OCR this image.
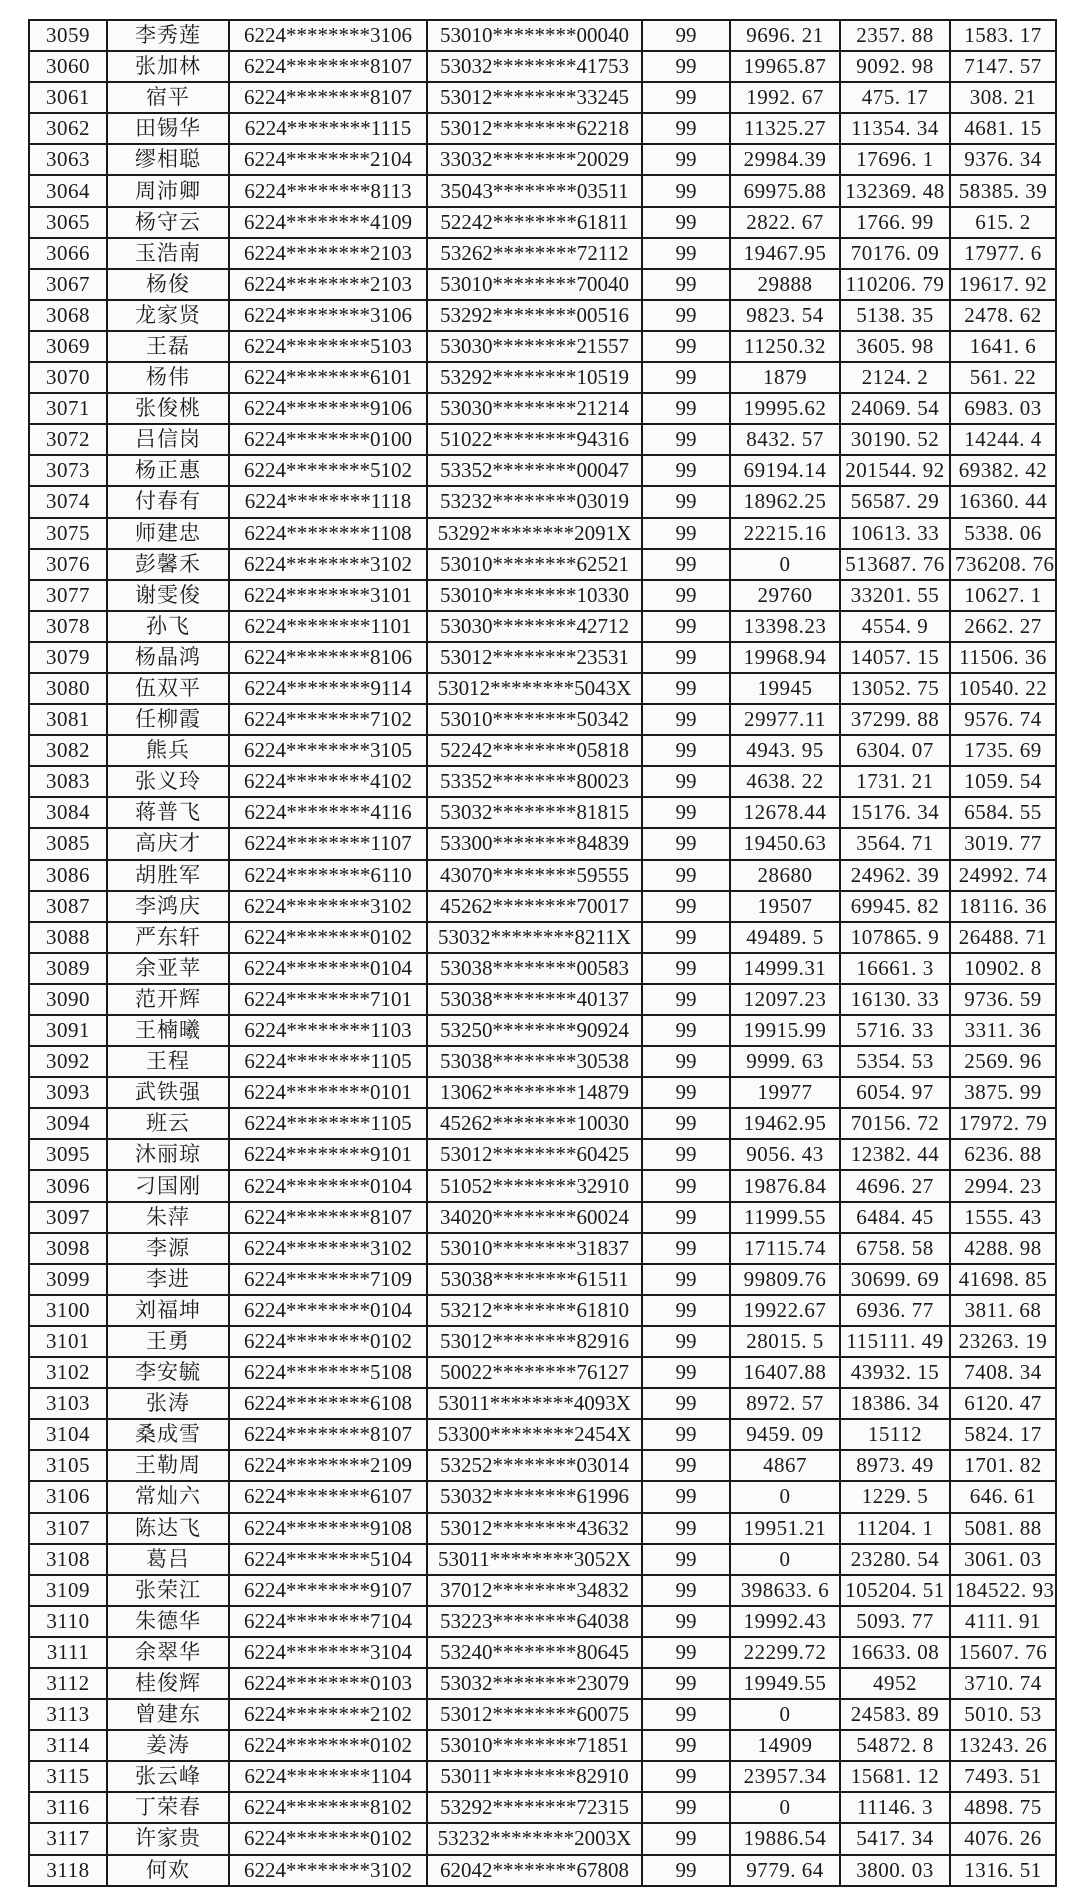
3059	李秀莲	6224********3106	53010********00040	99	9696. 21	2357. 88	1583. 17
3060	张加林	6224********8107	53032********41753	99	19965.87	9092. 98	7147. 57
3061	宿平	6224********8107	53012********33245	99	1992. 67	475. 17	308. 21
3062	田锡华	6224********1115	53012********62218	99	11325.27	11354. 34	4681. 15
3063	缪相聪	6224********2104	33032********20029	99	29984.39	17696. 1	9376. 34
3064	周沛卿	6224********8113	35043********03511	99	69975.88	132369. 48	58385. 39
3065	杨守云	6224********4109	52242********61811	99	2822. 67	1766. 99	615. 2
3066	玉浩南	6224********2103	53262********72112	99	19467.95	70176. 09	17977. 6
3067	杨俊	6224********2103	53010********70040	99	29888	110206. 79	19617. 92
3068	龙家贤	6224********3106	53292********00516	99	9823. 54	5138. 35	2478. 62
3069	王磊	6224********5103	53030********21557	99	11250.32	3605. 98	1641. 6
3070	杨伟	6224********6101	53292********10519	99	1879	2124. 2	561. 22
3071	张俊桃	6224********9106	53030********21214	99	19995.62	24069. 54	6983. 03
3072	吕信岗	6224********0100	51022********94316	99	8432. 57	30190. 52	14244. 4
3073	杨正惠	6224********5102	53352********00047	99	69194.14	201544. 92	69382. 42
3074	付春有	6224********1118	53232********03019	99	18962.25	56587. 29	16360. 44
3075	师建忠	6224********1108	53292********2091X	99	22215.16	10613. 33	5338. 06
3076	彭馨禾	6224********3102	53010********62521	99	0	513687. 76	736208. 76
3077	谢雯俊	6224********3101	53010********10330	99	29760	33201. 55	10627. 1
3078	孙飞	6224********1101	53030********42712	99	13398.23	4554. 9	2662. 27
3079	杨晶鸿	6224********8106	53012********23531	99	19968.94	14057. 15	11506. 36
3080	伍双平	6224********9114	53012********5043X	99	19945	13052. 75	10540. 22
3081	任柳霞	6224********7102	53010********50342	99	29977.11	37299. 88	9576. 74
3082	熊兵	6224********3105	52242********05818	99	4943. 95	6304. 07	1735. 69
3083	张义玲	6224********4102	53352********80023	99	4638. 22	1731. 21	1059. 54
3084	蒋普飞	6224********4116	53032********81815	99	12678.44	15176. 34	6584. 55
3085	高庆才	6224********1107	53300********84839	99	19450.63	3564. 71	3019. 77
3086	胡胜军	6224********6110	43070********59555	99	28680	24962. 39	24992. 74
3087	李鸿庆	6224********3102	45262********70017	99	19507	69945. 82	18116. 36
3088	严东轩	6224********0102	53032********8211X	99	49489. 5	107865. 9	26488. 71
3089	余亚苹	6224********0104	53038********00583	99	14999.31	16661. 3	10902. 8
3090	范开辉	6224********7101	53038********40137	99	12097.23	16130. 33	9736. 59
3091	王楠曦	6224********1103	53250********90924	99	19915.99	5716. 33	3311. 36
3092	王程	6224********1105	53038********30538	99	9999. 63	5354. 53	2569. 96
3093	武铁强	6224********0101	13062********14879	99	19977	6054. 97	3875. 99
3094	班云	6224********1105	45262********10030	99	19462.95	70156. 72	17972. 79
3095	沐丽琼	6224********9101	53012********60425	99	9056. 43	12382. 44	6236. 88
3096	刁国刚	6224********0104	51052********32910	99	19876.84	4696. 27	2994. 23
3097	朱萍	6224********8107	34020********60024	99	11999.55	6484. 45	1555. 43
3098	李源	6224********3102	53010********31837	99	17115.74	6758. 58	4288. 98
3099	李进	6224********7109	53038********61511	99	99809.76	30699. 69	41698. 85
3100	刘福坤	6224********0104	53212********61810	99	19922.67	6936. 77	3811. 68
3101	王勇	6224********0102	53012********82916	99	28015. 5	115111. 49	23263. 19
3102	李安毓	6224********5108	50022********76127	99	16407.88	43932. 15	7408. 34
3103	张涛	6224********6108	53011********4093X	99	8972. 57	18386. 34	6120. 47
3104	桑成雪	6224********8107	53300********2454X	99	9459. 09	15112	5824. 17
3105	王勒周	6224********2109	53252********03014	99	4867	8973. 49	1701. 82
3106	常灿六	6224********6107	53032********61996	99	0	1229. 5	646. 61
3107	陈达飞	6224********9108	53012********43632	99	19951.21	11204. 1	5081. 88
3108	葛吕	6224********5104	53011********3052X	99	0	23280. 54	3061. 03
3109	张荣江	6224********9107	37012********34832	99	398633. 6	105204. 51	184522. 93
3110	朱德华	6224********7104	53223********64038	99	19992.43	5093. 77	4111. 91
3111	余翠华	6224********3104	53240********80645	99	22299.72	16633. 08	15607. 76
3112	桂俊辉	6224********0103	53032********23079	99	19949.55	4952	3710. 74
3113	曾建东	6224********2102	53012********60075	99	0	24583. 89	5010. 53
3114	姜涛	6224********0102	53010********71851	99	14909	54872. 8	13243. 26
3115	张云峰	6224********1104	53011********82910	99	23957.34	15681. 12	7493. 51
3116	丁荣春	6224********8102	53292********72315	99	0	11146. 3	4898. 75
3117	许家贵	6224********0102	53232********2003X	99	19886.54	5417. 34	4076. 26
3118	何欢	6224********3102	62042********67808	99	9779. 64	3800. 03	1316. 51
